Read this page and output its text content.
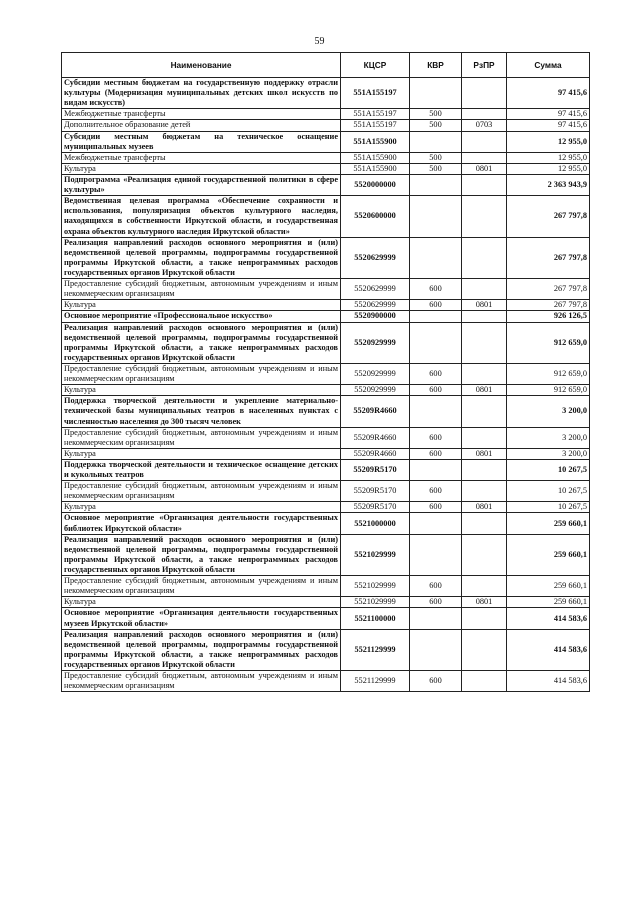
59
Наименование	КЦСР	КВР	РзПР	Сумма
Субсидии местным бюджетам на государственную поддержку отрасли культуры (Модернизация муниципальных детских школ искусств по видам искусств)	551A155197			97 415,6
Межбюджетные трансферты	551A155197	500		97 415,6
Дополнительное образование детей	551A155197	500	0703	97 415,6
Субсидии местным бюджетам на техническое оснащение муниципальных музеев	551A155900			12 955,0
Межбюджетные трансферты	551A155900	500		12 955,0
Культура	551A155900	500	0801	12 955,0
Подпрограмма «Реализация единой государственной политики в сфере культуры»	5520000000			2 363 943,9
Ведомственная целевая программа «Обеспечение сохранности и использования, популяризация объектов культурного наследия, находящихся в собственности Иркутской области, и государственная охрана объектов культурного наследия Иркутской области»	5520600000			267 797,8
Реализация направлений расходов основного мероприятия и (или) ведомственной целевой программы, подпрограммы государственной программы Иркутской области, а также непрограммных расходов государственных органов Иркутской области	5520629999			267 797,8
Предоставление субсидий бюджетным, автономным учреждениям и иным некоммерческим организациям	5520629999	600		267 797,8
Культура	5520629999	600	0801	267 797,8
Основное мероприятие «Профессиональное искусство»	5520900000			926 126,5
Реализация направлений расходов основного мероприятия и (или) ведомственной целевой программы, подпрограммы государственной программы Иркутской области, а также непрограммных расходов государственных органов Иркутской области	5520929999			912 659,0
Предоставление субсидий бюджетным, автономным учреждениям и иным некоммерческим организациям	5520929999	600		912 659,0
Культура	5520929999	600	0801	912 659,0
Поддержка творческой деятельности и укрепление материально-технической базы муниципальных театров в населенных пунктах с численностью населения до 300 тысяч человек	55209R4660			3 200,0
Предоставление субсидий бюджетным, автономным учреждениям и иным некоммерческим организациям	55209R4660	600		3 200,0
Культура	55209R4660	600	0801	3 200,0
Поддержка творческой деятельности и техническое оснащение детских и кукольных театров	55209R5170			10 267,5
Предоставление субсидий бюджетным, автономным учреждениям и иным некоммерческим организациям	55209R5170	600		10 267,5
Культура	55209R5170	600	0801	10 267,5
Основное мероприятие «Организация деятельности государственных библиотек Иркутской области»	5521000000			259 660,1
Реализация направлений расходов основного мероприятия и (или) ведомственной целевой программы, подпрограммы государственной программы Иркутской области, а также непрограммных расходов государственных органов Иркутской области	5521029999			259 660,1
Предоставление субсидий бюджетным, автономным учреждениям и иным некоммерческим организациям	5521029999	600		259 660,1
Культура	5521029999	600	0801	259 660,1
Основное мероприятие «Организация деятельности государственных музеев Иркутской области»	5521100000			414 583,6
Реализация направлений расходов основного мероприятия и (или) ведомственной целевой программы, подпрограммы государственной программы Иркутской области, а также непрограммных расходов государственных органов Иркутской области	5521129999			414 583,6
Предоставление субсидий бюджетным, автономным учреждениям и иным некоммерческим организациям	5521129999	600		414 583,6
